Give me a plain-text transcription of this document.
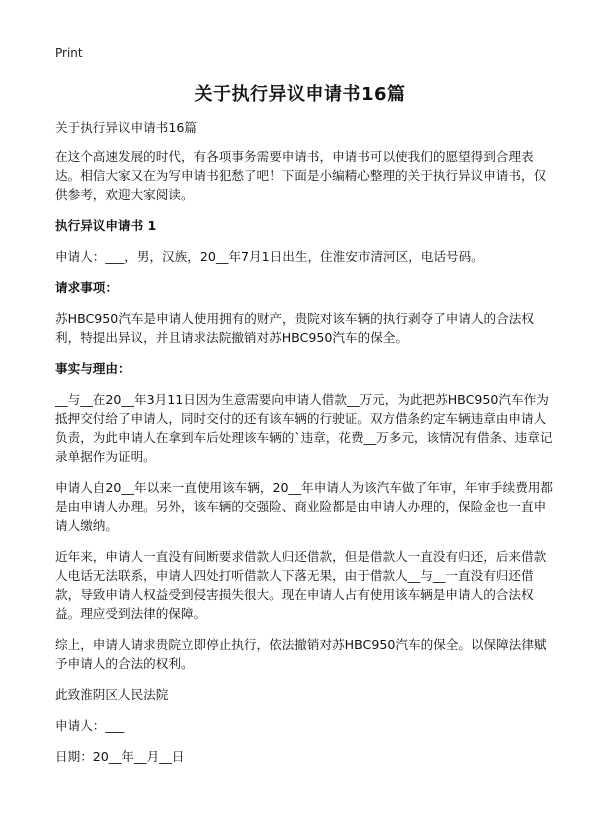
Print
关于执行异议申请书16篇

关于执行异议申请书16篇

在这个高速发展的时代，有各项事务需要申请书，申请书可以使我们的愿望得到合理表达。相信大家又在为写申请书犯愁了吧！下面是小编精心整理的关于执行异议申请书，仅供参考，欢迎大家阅读。

执行异议申请书 1

申请人：___，男，汉族，20__年7月1日出生，住淮安市清河区，电话号码。

请求事项：

苏HBC950汽车是申请人使用拥有的财产，贵院对该车辆的执行剥夺了申请人的合法权利，特提出异议，并且请求法院撤销对苏HBC950汽车的保全。

事实与理由：

__与__在20__年3月11日因为生意需要向申请人借款__万元，为此把苏HBC950汽车作为抵押交付给了申请人，同时交付的还有该车辆的行驶证。双方借条约定车辆违章由申请人负责，为此申请人在拿到车后处理该车辆的`违章，花费__万多元，该情况有借条、违章记录单据作为证明。

申请人自20__年以来一直使用该车辆，20__年申请人为该汽车做了年审，年审手续费用都是由申请人办理。另外，该车辆的交强险、商业险都是由申请人办理的，保险金也一直申请人缴纳。

近年来，申请人一直没有间断要求借款人归还借款，但是借款人一直没有归还，后来借款人电话无法联系，申请人四处打听借款人下落无果，由于借款人__与__一直没有归还借款，导致申请人权益受到侵害损失很大。现在申请人占有使用该车辆是申请人的合法权益。理应受到法律的保障。

综上，申请人请求贵院立即停止执行，依法撤销对苏HBC950汽车的保全。以保障法律赋予申请人的合法的权利。

此致淮阴区人民法院

申请人：___

日期：20__年__月__日
